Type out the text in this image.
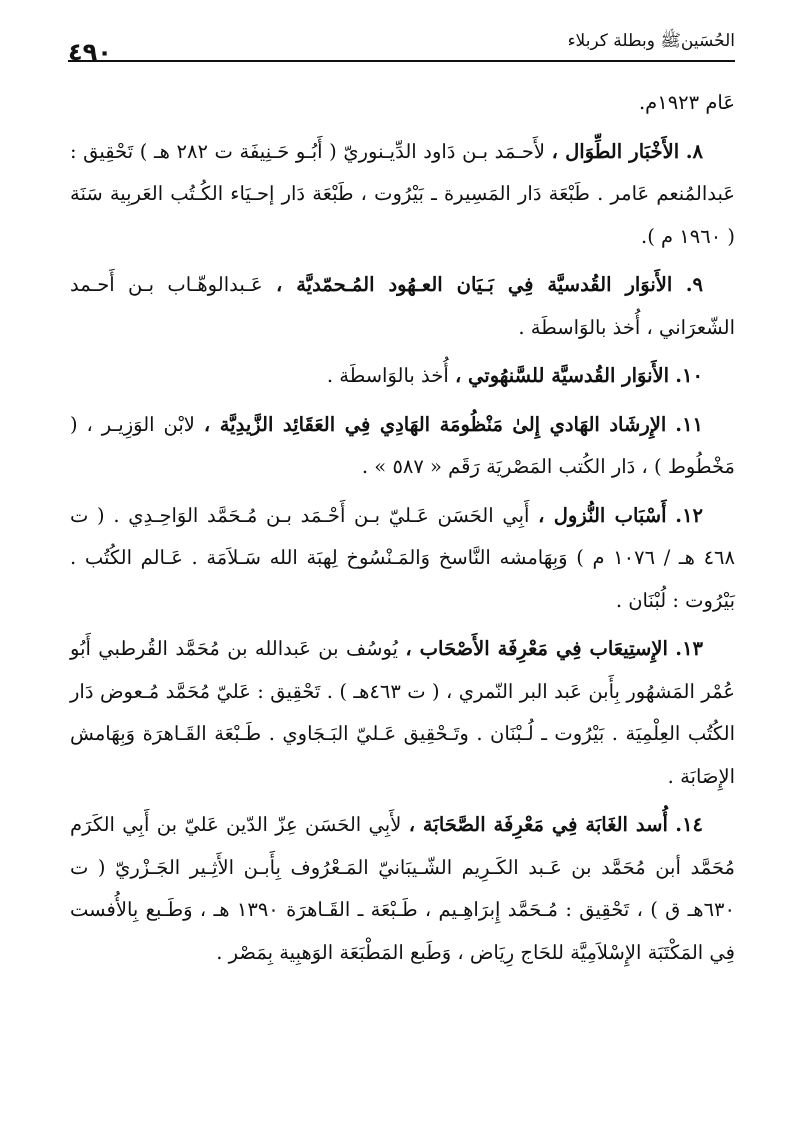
الحُسَينﷺ وبطلة كربلاء
٤٩٠

عَام ١٩٢٣م.

٨. الأَخْبَار الطِّوَال ، لأَحـمَد بـن دَاود الدِّيـنوريّ ( أَبُـو حَـنِيفَة ت ٢٨٢ هـ ) تَحْقِيق : عَبدالمُنعم عَامر . طَبْعَة دَار المَسِيرة ـ بَيْرُوت ، طَبْعَة دَار إحـيَاء الكُـتُب العَربِية سَنَة ( ١٩٦٠ م ).

٩. الأَنوَار القُدسيَّة فِي بَـيَان العـهُود المُـحمّديَّة ، عَـبدالوهّـاب بـن أَحـمد الشّعرَاني ، أُخذ بالوَاسطَة .

١٠. الأَنوَار القُدسيَّة للسَّنهُوتي ، أُخذ بالوَاسطَة .

١١. الإِرشَاد الهَادي إِلىٰ مَنْظُومَة الهَادِي فِي العَقَائِد الزَّيدِيَّة ، لابْن الوَزِيـر ، ( مَخْطُوط ) ، دَار الكُتب المَصْريَة رَقَم « ٥٨٧ » .

١٢. أَسْبَاب النُّزول ، أَبِي الحَسَن عَـليّ بـن أَحْـمَد بـن مُـحَمَّد الوَاحِـدِي . ( ت ٤٦٨ هـ / ١٠٧٦ م ) وَبِهَامشه النَّاسخ وَالمَـنْسُوخ لِهبَة الله سَـلاَمَة . عَـالم الكُتُب . بَيْرُوت : لُبْنَان .

١٣. الإِستِيعَاب فِي مَعْرِفَة الأَصْحَاب ، يُوسُف بن عَبدالله بن مُحَمَّد القُرطبي أَبُو عُمْر المَشهُور بِأَبن عَبد البر النّمري ، ( ت ٤٦٣هـ ) . تَحْقِيق : عَليّ مُحَمَّد مُـعوض دَار الكُتُب العِلْمِيَة . بَيْرُوت ـ لُـبْنَان . وتَـحْقِيق عَـليّ البَـجَاوي . طَـبْعَة القَـاهرَة وَبِهَامش الإِصَابَة .

١٤. أُسد الغَابَة فِي مَعْرِفَة الصَّحَابَة ، لأَبِي الحَسَن عِزّ الدّين عَليّ بن أَبِي الكَرَم مُحَمَّد أبن مُحَمَّد بن عَـبد الكَـرِيم الشّـيبَانيّ المَـعْرُوف بِأَبـن الأَثِـير الجَـزْريّ ( ت ٦٣٠هـ ق ) ، تَحْقِيق : مُـحَمَّد إِبرَاهِـيم ، طَـبْعَة ـ القَـاهرَة ١٣٩٠ هـ ، وَطَـبع بِالأُفست فِي المَكْتَبَة الإِسْلاَمِيَّة للحَاج رِيَاض ، وَطَبع المَطْبَعَة الوَهبِية بِمَصْر .
